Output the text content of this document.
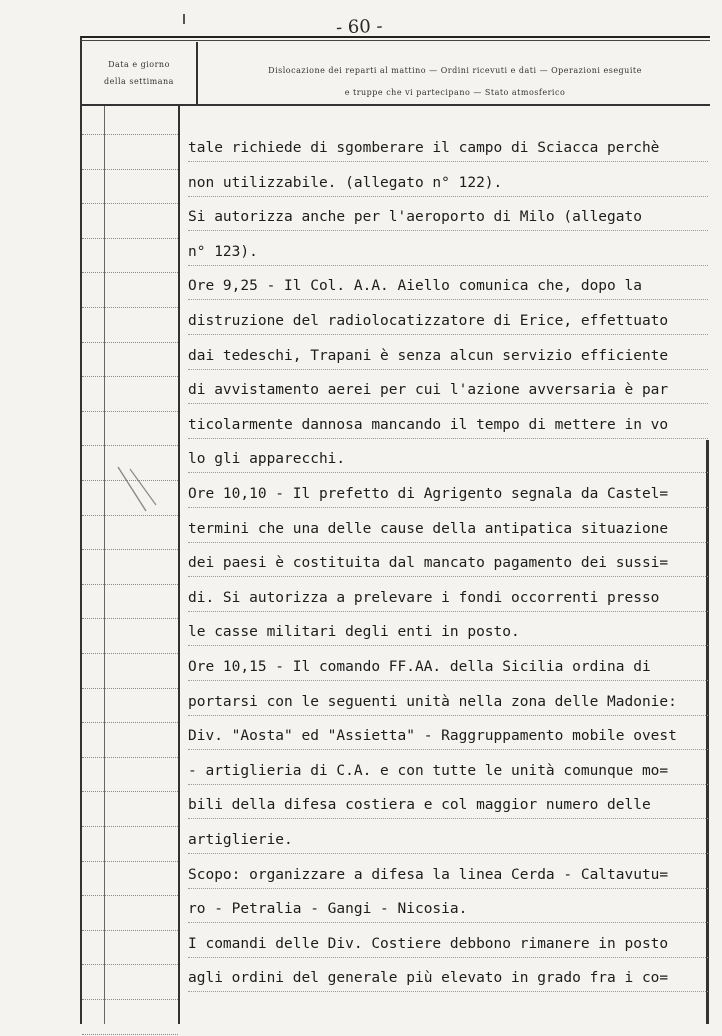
- 60 -
Data e giorno
della settimana
Dislocazione dei reparti al mattino — Ordini ricevuti e dati — Operazioni eseguite
e truppe che vi partecipano — Stato atmosferico
tale richiede di sgomberare il campo di Sciacca perchè
non utilizzabile. (allegato n° 122).
Si autorizza anche per l'aeroporto di Milo (allegato
n° 123).
Ore 9,25 - Il Col. A.A. Aiello comunica che, dopo la
distruzione del radiolocatizzatore di Erice, effettuato
dai tedeschi, Trapani è senza alcun servizio efficiente
di avvistamento aerei per cui l'azione avversaria è par
ticolarmente dannosa mancando il tempo di mettere in vo
lo gli apparecchi.
Ore 10,10 - Il prefetto di Agrigento segnala da Castel=
termini che una delle cause della antipatica situazione
dei paesi è costituita dal mancato pagamento dei sussi=
di. Si autorizza a prelevare i fondi occorrenti presso
le casse militari degli enti in posto.
Ore 10,15 - Il comando FF.AA. della Sicilia ordina di
portarsi con le seguenti unità nella zona delle Madonie:
Div. "Aosta" ed "Assietta" - Raggruppamento mobile ovest
- artiglieria di C.A. e con tutte le unità comunque mo=
bili della difesa costiera e col maggior numero delle
artiglierie.
Scopo: organizzare a difesa la linea Cerda - Caltavutu=
ro - Petralia - Gangi - Nicosia.
I comandi delle Div. Costiere debbono rimanere in posto
agli ordini del generale più elevato in grado fra i co=
